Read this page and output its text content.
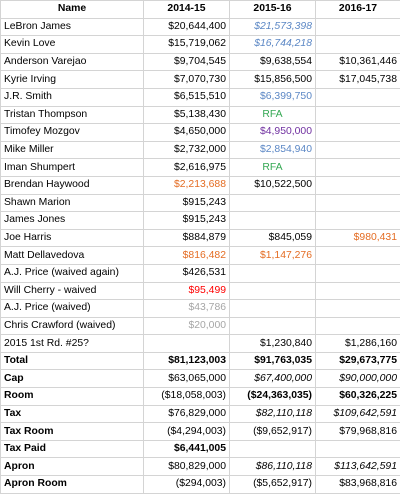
Name	2014-15	2015-16	2016-17
LeBron James	$20,644,400	$21,573,398	
Kevin Love	$15,719,062	$16,744,218	
Anderson Varejao	$9,704,545	$9,638,554	$10,361,446
Kyrie Irving	$7,070,730	$15,856,500	$17,045,738
J.R. Smith	$6,515,510	$6,399,750	
Tristan Thompson	$5,138,430	RFA	
Timofey Mozgov	$4,650,000	$4,950,000	
Mike Miller	$2,732,000	$2,854,940	
Iman Shumpert	$2,616,975	RFA	
Brendan Haywood	$2,213,688	$10,522,500	
Shawn Marion	$915,243		
James Jones	$915,243		
Joe Harris	$884,879	$845,059	$980,431
Matt Dellavedova	$816,482	$1,147,276	
A.J. Price (waived again)	$426,531		
Will Cherry - waived	$95,499		
A.J. Price (waived)	$43,786		
Chris Crawford (waived)	$20,000		
2015 1st Rd. #25?		$1,230,840	$1,286,160
Total	$81,123,003	$91,763,035	$29,673,775
Cap	$63,065,000	$67,400,000	$90,000,000
Room	($18,058,003)	($24,363,035)	$60,326,225
Tax	$76,829,000	$82,110,118	$109,642,591
Tax Room	($4,294,003)	($9,652,917)	$79,968,816
Tax Paid	$6,441,005		
Apron	$80,829,000	$86,110,118	$113,642,591
Apron Room	($294,003)	($5,652,917)	$83,968,816
